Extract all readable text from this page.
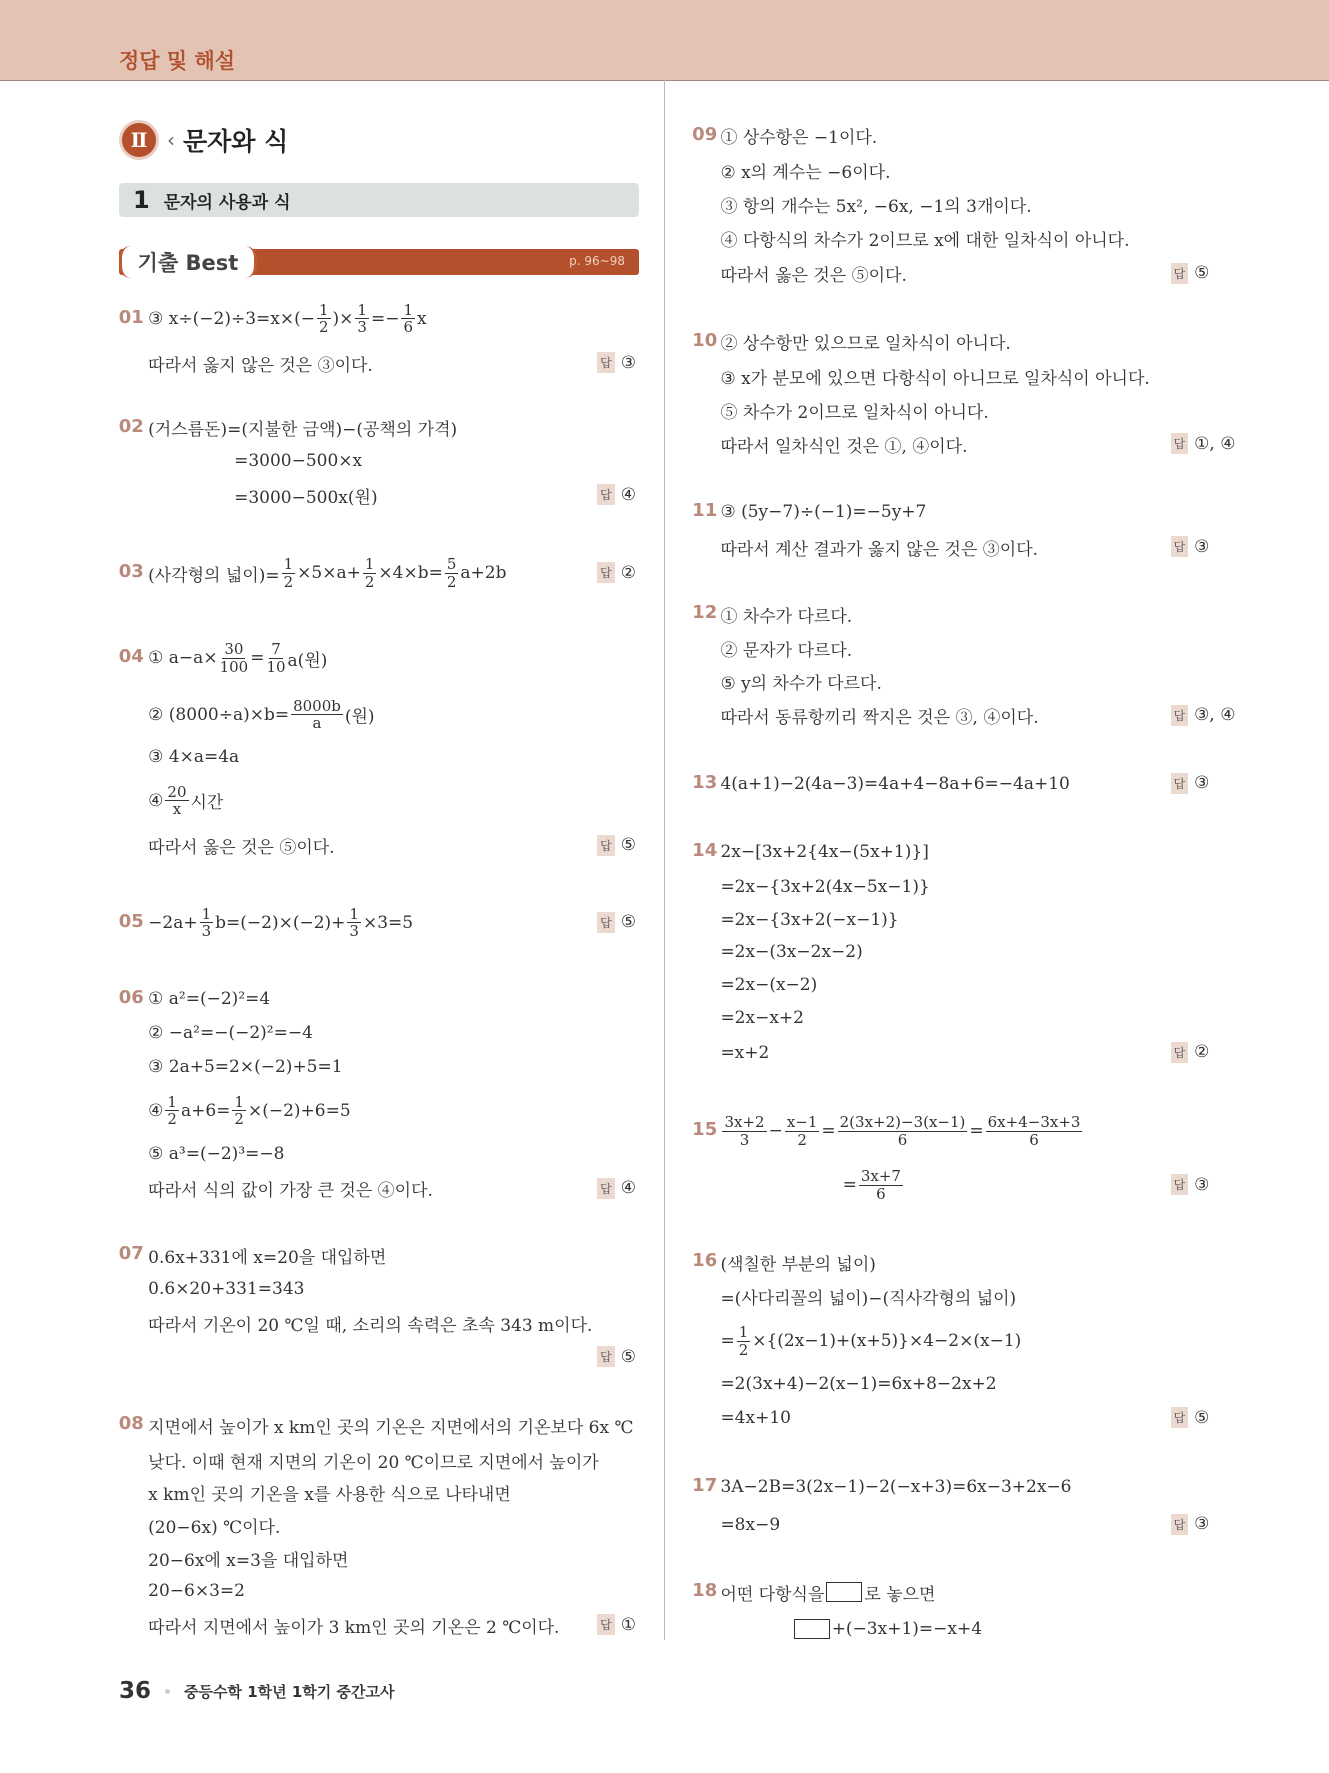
정답 및 해설
Ⅱ ‹ 문자와 식
1 문자의 사용과 식
기출 Best	p. 96~98
01 ③ $x\div(-2)\div 3=x\times(- \frac{1}{2}$ )× $\frac{1}{3} =- \frac{1}{6}$ x
따라서 옳지 않은 것은 ③이다.	답 ③
02 (거스름돈)=(지불한 금액)−(공책의 가격)
=3000−500×x
=3000−500x(원)	답 ④
03 (사각형의 넓이)= $\frac{1}{2} \times 5\times a+ \frac{1}{2} \times 4\times b= \frac{5}{2} a+2b$	답 ②
04 ① $a-a\times \frac{30}{100} = \frac{7}{10} a$(원)
② $(8000\div a)\times b= \frac{8000b}{a}$ (원)
③ 4×a=4a
④ $\frac{20}{x}$ 시간
따라서 옳은 것은 ⑤이다.	답 ⑤
$05 -2a+ \frac{1}{3} b=(-2)\times(-2)+ \frac{1}{3} \times 3=5$	답 ⑤
06 ① a²=(−2)²=4
② −a²=−(−2)²=−4
③ 2a+5=2×(−2)+5=1
④ $\frac{1}{2} a+6= \frac{1}{2} \times(-2)+6=5$
⑤ a³=(−2)³=−8
따라서 식의 값이 가장 큰 것은 ④이다.	답 ④
07 0.6x+331에 x=20을 대입하면
0.6×20+331=343
따라서 기온이 20 ℃일 때, 소리의 속력은 초속 343 m이다.
답 ⑤
08 지면에서 높이가 x km인 곳의 기온은 지면에서의 기온보다 6x ℃
낮다. 이때 현재 지면의 기온이 20 ℃이므로 지면에서 높이가
x km인 곳의 기온을 x를 사용한 식으로 나타내면
(20−6x) ℃이다.
20−6x에 x=3을 대입하면
20−6×3=2
따라서 지면에서 높이가 3 km인 곳의 기온은 2 ℃이다.	답 ①
09 ① 상수항은 −1이다.
② x의 계수는 −6이다.
③ 항의 개수는 5x², −6x, −1의 3개이다.
④ 다항식의 차수가 2이므로 x에 대한 일차식이 아니다.
따라서 옳은 것은 ⑤이다.	답 ⑤
10 ② 상수항만 있으므로 일차식이 아니다.
③ x가 분모에 있으면 다항식이 아니므로 일차식이 아니다.
⑤ 차수가 2이므로 일차식이 아니다.
따라서 일차식인 것은 ①, ④이다.	답 ①, ④
11 ③ (5y−7)÷(−1)=−5y+7
따라서 계산 결과가 옳지 않은 것은 ③이다.	답 ③
12 ① 차수가 다르다.
② 문자가 다르다.
⑤ y의 차수가 다르다.
따라서 동류항끼리 짝지은 것은 ③, ④이다.	답 ③, ④
13 4(a+1)−2(4a−3)=4a+4−8a+6=−4a+10	답 ③
14 2x−[3x+2{4x−(5x+1)}]
=2x−{3x+2(4x−5x−1)}
=2x−{3x+2(−x−1)}
=2x−(3x−2x−2)
=2x−(x−2)
=2x−x+2
=x+2	답 ②
$15 \frac{3x+2}{3} - \frac{x-1}{2} = \frac{2(3x+2)-3(x-1)}{6} = \frac{6x+4-3x+3}{6}$
= $\frac{3x+7}{6}$	답 ③
16 (색칠한 부분의 넓이)
=(사다리꼴의 넓이)−(직사각형의 넓이)
= $\frac{1}{2} \times\{(2x-1)+(x+5)\}\times 4-2\times(x-1)$
=2(3x+4)−2(x−1)=6x+8−2x+2
=4x+10	답 ⑤
17 3A−2B=3(2x−1)−2(−x+3)=6x−3+2x−6
=8x−9	답 ③
18 어떤 다항식을 로 놓으면
+(−3x+1)=−x+4
36 중등수학 1학년 1학기 중간고사
